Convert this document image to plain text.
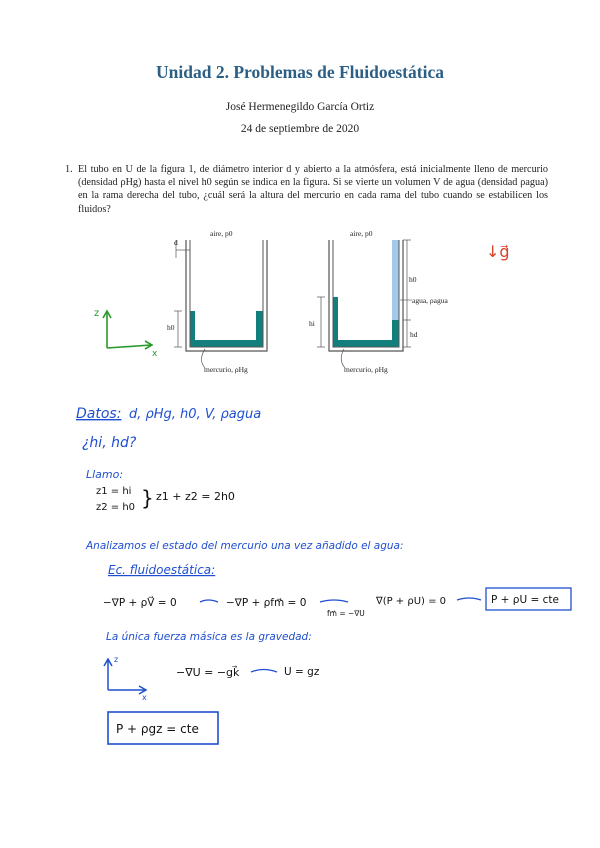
Unidad 2. Problemas de Fluidoestática
José Hermenegildo García Ortiz
24 de septiembre de 2020
1. El tubo en U de la figura 1, de diámetro interior d y abierto a la atmósfera, está inicialmente lleno de mercurio (densidad ρHg) hasta el nivel h0 según se indica en la figura. Si se vierte un volumen V de agua (densidad ρagua) en la rama derecha del tubo, ¿cuál será la altura del mercurio en cada rama del tubo cuando se estabilicen los fluidos?
aire, p0
d
h0
mercurio, ρHg
aire, p0
h0
agua, ρagua
hi
hd
mercurio, ρHg
↓g⃗
z
x
Datos: d, ρHg, h0, V, ρagua
¿hi, hd?
Llamo:
z1 = hi
z2 = h0 } z1 + z2 = 2h0
Analizamos el estado del mercurio una vez añadido el agua:
Ec. fluidoestática:
−∇P + ρV⃗ = 0	−∇P + ρfm⃗ = 0
fm⃗ = −∇U
∇(P + ρU) = 0	P + ρU = cte
La única fuerza másica es la gravedad:
z
x
−∇U = −gk⃗	U = gz
P + ρgz = cte
